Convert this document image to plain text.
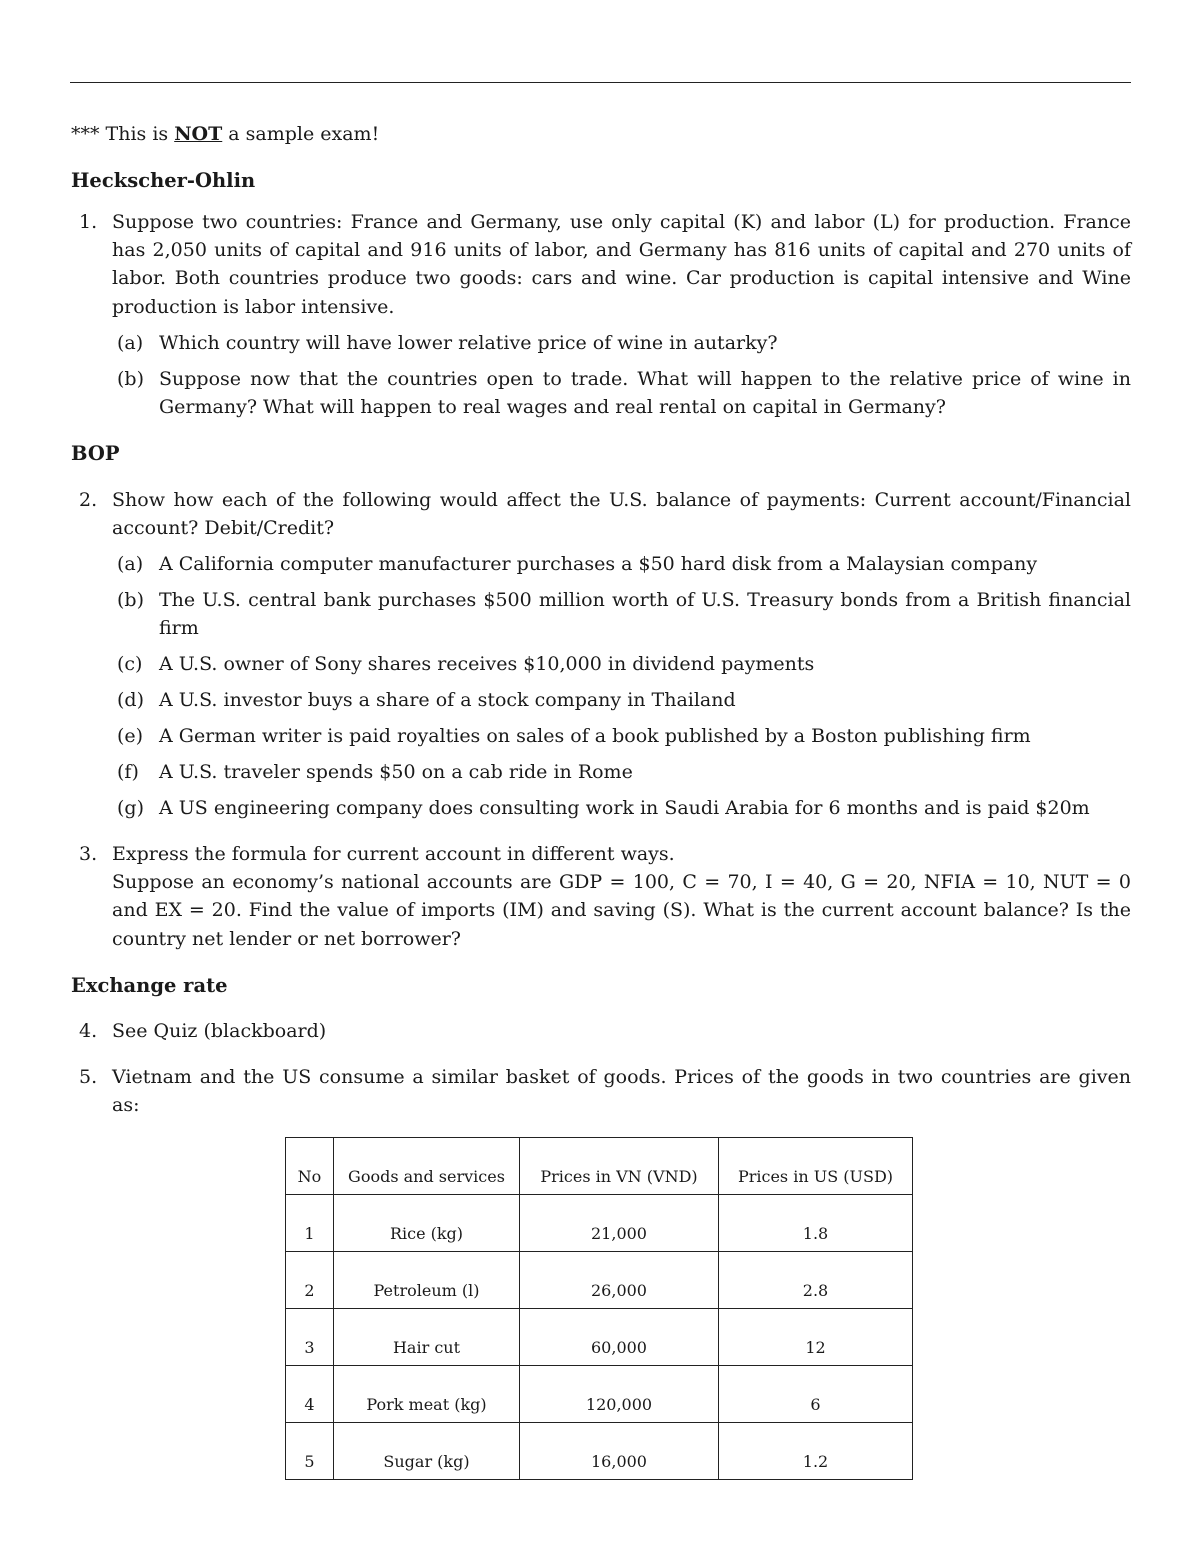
*** This is NOT a sample exam!
Heckscher-Ohlin
1. Suppose two countries: France and Germany, use only capital (K) and labor (L) for production. France has 2,050 units of capital and 916 units of labor, and Germany has 816 units of capital and 270 units of labor. Both countries produce two goods: cars and wine. Car production is capital intensive and Wine production is labor intensive.

(a) Which country will have lower relative price of wine in autarky?

(b) Suppose now that the countries open to trade. What will happen to the relative price of wine in Germany? What will happen to real wages and real rental on capital in Germany?

BOP
2. Show how each of the following would affect the U.S. balance of payments: Current account/Financial account? Debit/Credit?

(a) A California computer manufacturer purchases a $50 hard disk from a Malaysian company

(b) The U.S. central bank purchases $500 million worth of U.S. Treasury bonds from a British financial firm

(c) A U.S. owner of Sony shares receives $10,000 in dividend payments

(d) A U.S. investor buys a share of a stock company in Thailand

(e) A German writer is paid royalties on sales of a book published by a Boston publishing firm

(f) A U.S. traveler spends $50 on a cab ride in Rome

(g) A US engineering company does consulting work in Saudi Arabia for 6 months and is paid $20m

3. Express the formula for current account in different ways.

Suppose an economy’s national accounts are GDP = 100, C = 70, I = 40, G = 20, NFIA = 10, NUT = 0 and EX = 20. Find the value of imports (IM) and saving (S). What is the current account balance? Is the country net lender or net borrower?

Exchange rate
4. See Quiz (blackboard)

5. Vietnam and the US consume a similar basket of goods. Prices of the goods in two countries are given as:

No	Goods and services	Prices in VN (VND)	Prices in US (USD)
1	Rice (kg)	21,000	1.8
2	Petroleum (l)	26,000	2.8
3	Hair cut	60,000	12
4	Pork meat (kg)	120,000	6
5	Sugar (kg)	16,000	1.2
